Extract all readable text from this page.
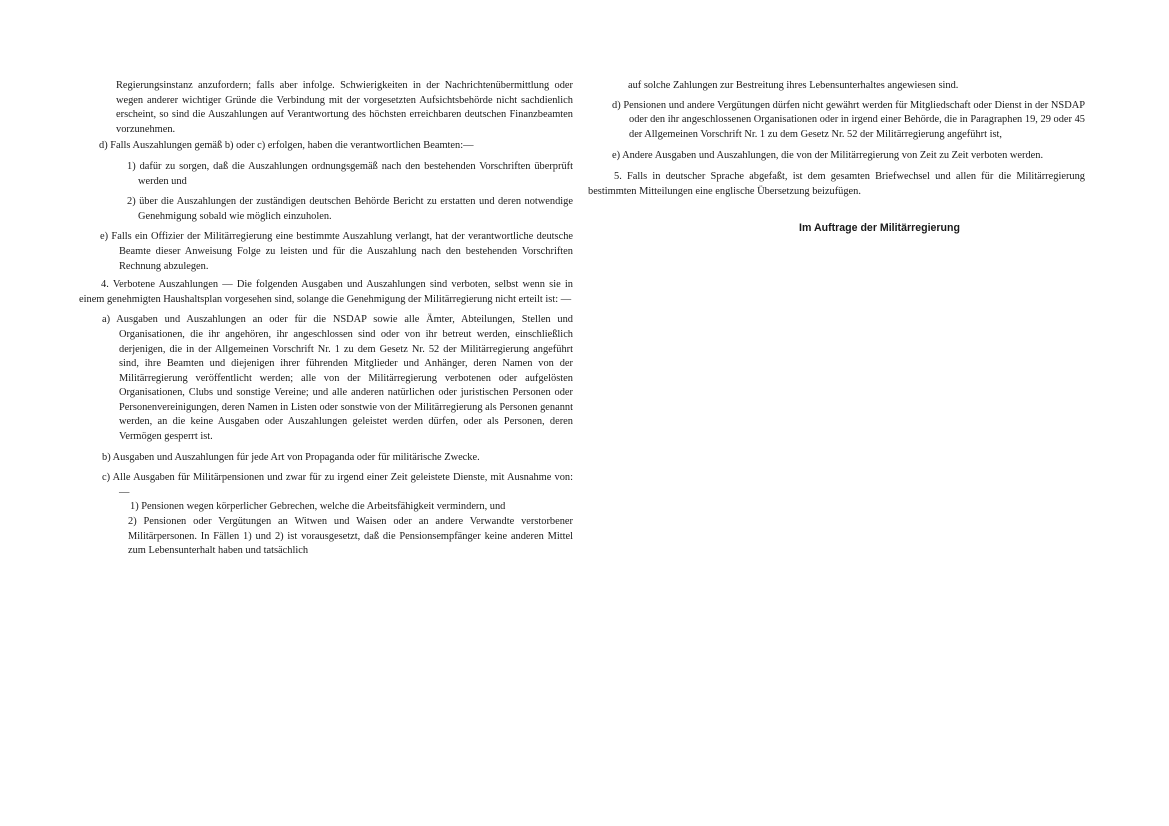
Regierungsinstanz anzufordern; falls aber infolge. Schwierigkeiten in der Nachrichtenübermittlung oder wegen anderer wichtiger Gründe die Verbindung mit der vorgesetzten Aufsichtsbehörde nicht sachdienlich erscheint, so sind die Auszahlungen auf Verantwortung des höchsten erreichbaren deutschen Finanzbeamten vorzunehmen.

d) Falls Auszahlungen gemäß b) oder c) erfolgen, haben die verantwortlichen Beamten:—

1) dafür zu sorgen, daß die Auszahlungen ordnungsgemäß nach den bestehenden Vorschriften überprüft werden und

2) über die Auszahlungen der zuständigen deutschen Behörde Bericht zu erstatten und deren notwendige Genehmigung sobald wie möglich einzuholen.

e) Falls ein Offizier der Militärregierung eine bestimmte Auszahlung verlangt, hat der verantwortliche deutsche Beamte dieser Anweisung Folge zu leisten und für die Auszahlung nach den bestehenden Vorschriften Rechnung abzulegen.

4. Verbotene Auszahlungen — Die folgenden Ausgaben und Auszahlungen sind verboten, selbst wenn sie in einem genehmigten Haushaltsplan vorgesehen sind, solange die Genehmigung der Militärregierung nicht erteilt ist: —

a) Ausgaben und Auszahlungen an oder für die NSDAP sowie alle Ämter, Abteilungen, Stellen und Organisationen, die ihr angehören, ihr angeschlossen sind oder von ihr betreut werden, einschließlich derjenigen, die in der Allgemeinen Vorschrift Nr. 1 zu dem Gesetz Nr. 52 der Militärregierung angeführt sind, ihre Beamten und diejenigen ihrer führenden Mitglieder und Anhänger, deren Namen von der Militärregierung veröffentlicht werden; alle von der Militärregierung verbotenen oder aufgelösten Organisationen, Clubs und sonstige Vereine; und alle anderen natürlichen oder juristischen Personen oder Personenvereinigungen, deren Namen in Listen oder sonstwie von der Militärregierung als Personen genannt werden, an die keine Ausgaben oder Auszahlungen geleistet werden dürfen, oder als Personen, deren Vermögen gesperrt ist.

b) Ausgaben und Auszahlungen für jede Art von Propaganda oder für militärische Zwecke.

c) Alle Ausgaben für Militärpensionen und zwar für zu irgend einer Zeit geleistete Dienste, mit Ausnahme von: —

1) Pensionen wegen körperlicher Gebrechen, welche die Arbeitsfähigkeit vermindern, und

2) Pensionen oder Vergütungen an Witwen und Waisen oder an andere Verwandte verstorbener Militärpersonen. In Fällen 1) und 2) ist vorausgesetzt, daß die Pensionsempfänger keine anderen Mittel zum Lebensunterhalt haben und tatsächlich

auf solche Zahlungen zur Bestreitung ihres Lebensunterhaltes angewiesen sind.

d) Pensionen und andere Vergütungen dürfen nicht gewährt werden für Mitgliedschaft oder Dienst in der NSDAP oder den ihr angeschlossenen Organisationen oder in irgend einer Behörde, die in Paragraphen 19, 29 oder 45 der Allgemeinen Vorschrift Nr. 1 zu dem Gesetz Nr. 52 der Militärregierung angeführt ist,

e) Andere Ausgaben und Auszahlungen, die von der Militärregierung von Zeit zu Zeit verboten werden.

5. Falls in deutscher Sprache abgefaßt, ist dem gesamten Briefwechsel und allen für die Militärregierung bestimmten Mitteilungen eine englische Übersetzung beizufügen.

Im Auftrage der Militärregierung
